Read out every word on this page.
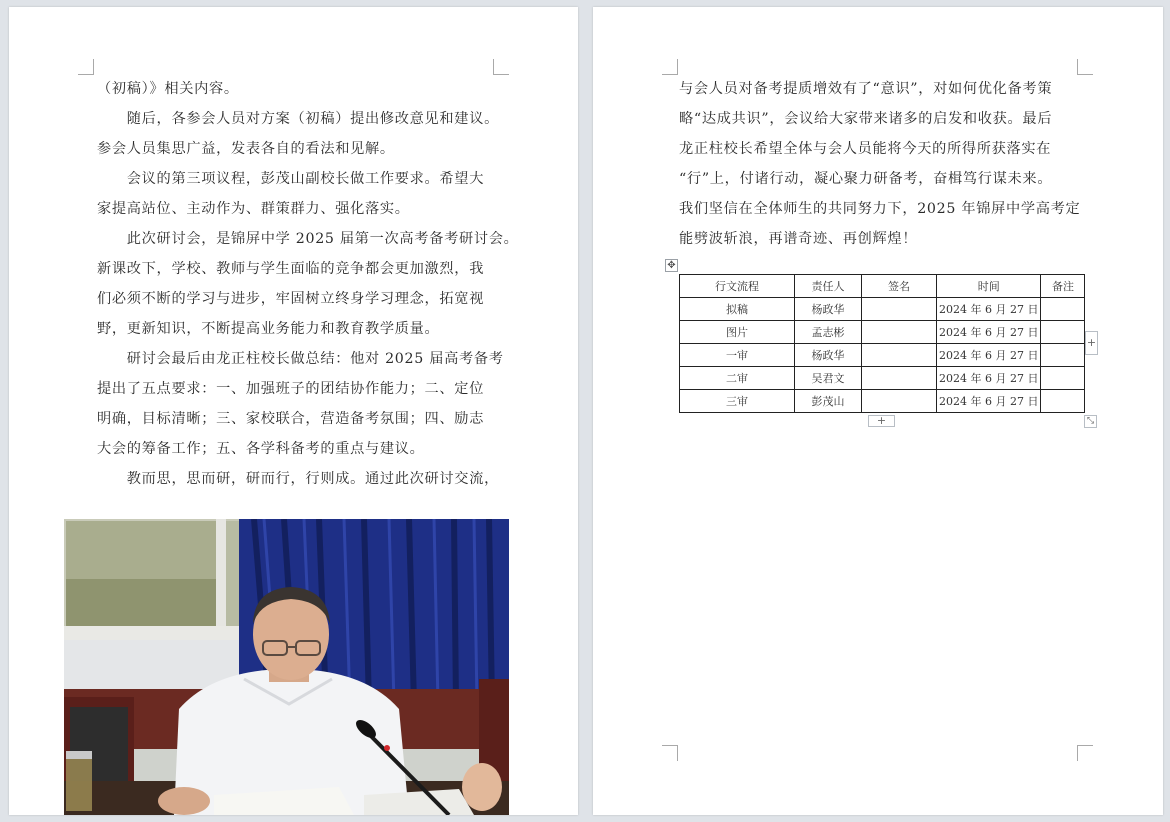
（初稿）》相关内容。
　　随后，各参会人员对方案（初稿）提出修改意见和建议。
参会人员集思广益，发表各自的看法和见解。
　　会议的第三项议程，彭茂山副校长做工作要求。希望大
家提高站位、主动作为、群策群力、强化落实。
　　此次研讨会，是锦屏中学 2025 届第一次高考备考研讨会。
新课改下，学校、教师与学生面临的竞争都会更加激烈，我
们必须不断的学习与进步，牢固树立终身学习理念，拓宽视
野，更新知识，不断提高业务能力和教育教学质量。
　　研讨会最后由龙正柱校长做总结：他对 2025 届高考备考
提出了五点要求：一、加强班子的团结协作能力；二、定位
明确，目标清晰；三、家校联合，营造备考氛围；四、励志
大会的筹备工作；五、各学科备考的重点与建议。
　　教而思，思而研，研而行，行则成。通过此次研讨交流，
与会人员对备考提质增效有了“意识”，对如何优化备考策
略“达成共识”，会议给大家带来诸多的启发和收获。最后
龙正柱校长希望全体与会人员能将今天的所得所获落实在
“行”上，付诸行动，凝心聚力研备考，奋楫笃行谋未来。
我们坚信在全体师生的共同努力下，2025 年锦屏中学高考定
能劈波斩浪，再谱奇迹、再创辉煌！
✥
行文流程	责任人	签名	时间	备注
拟稿	杨政华		2024 年 6 月 27 日	
图片	孟志彬		2024 年 6 月 27 日	
一审	杨政华		2024 年 6 月 27 日	
二审	吴君文		2024 年 6 月 27 日	
三审	彭茂山		2024 年 6 月 27 日	
+
+	⤡
